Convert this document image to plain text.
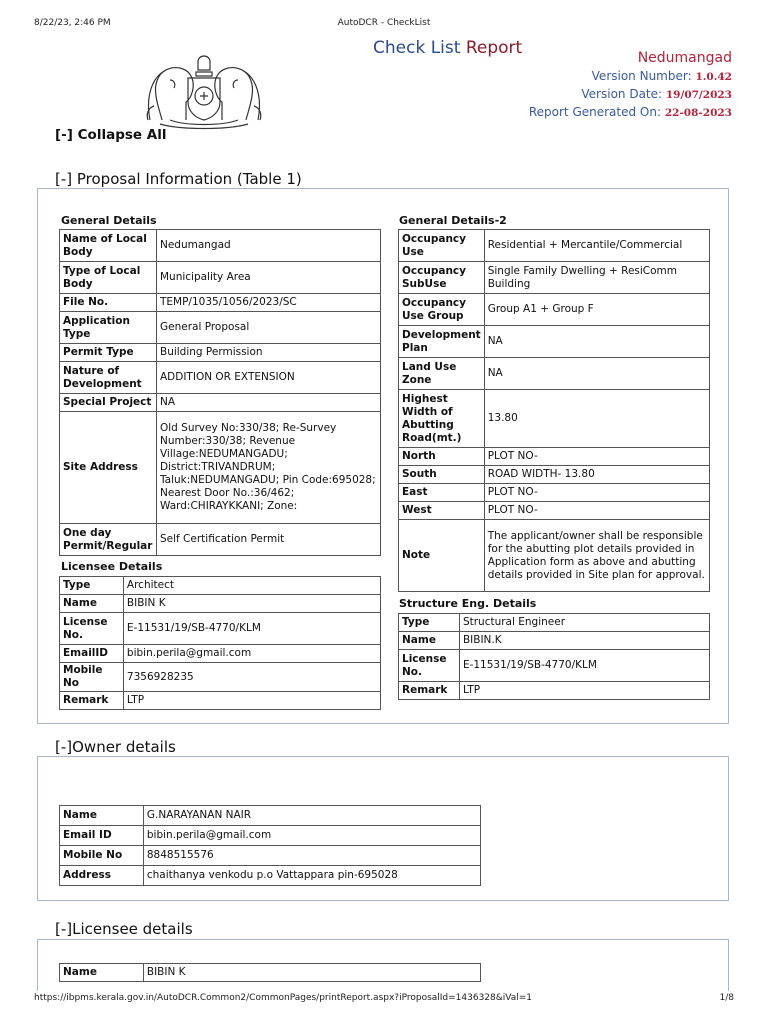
8/22/23, 2:46 PM	AutoDCR - CheckList
Check List Report	Nedumangad
Version Number: 1.0.42
Version Date: 19/07/2023
Report Generated On: 22-08-2023
[-] Collapse All
[-] Proposal Information (Table 1)
General Details
Name of Local Body	Nedumangad
Type of Local Body	Municipality Area
File No.	TEMP/1035/1056/2023/SC
Application Type	General Proposal
Permit Type	Building Permission
Nature of Development	ADDITION OR EXTENSION
Special Project	NA
Site Address	Old Survey No:330/38; Re-Survey Number:330/38; Revenue Village:NEDUMANGADU; District:TRIVANDRUM; Taluk:NEDUMANGADU; Pin Code:695028; Nearest Door No.:36/462; Ward:CHIRAYKKANI; Zone:
One day Permit/Regular	Self Certification Permit
Licensee Details
Type	Architect
Name	BIBIN K
License No.	E-11531/19/SB-4770/KLM
EmailID	bibin.perila@gmail.com
Mobile No	7356928235
Remark	LTP
General Details-2
Occupancy Use	Residential + Mercantile/Commercial
Occupancy SubUse	Single Family Dwelling + ResiComm Building
Occupancy Use Group	Group A1 + Group F
Development Plan	NA
Land Use Zone	NA
Highest Width of Abutting Road(mt.)	13.80
North	PLOT NO-
South	ROAD WIDTH- 13.80
East	PLOT NO-
West	PLOT NO-
Note	The applicant/owner shall be responsible for the abutting plot details provided in Application form as above and abutting details provided in Site plan for approval.
Structure Eng. Details
Type	Structural Engineer
Name	BIBIN.K
License No.	E-11531/19/SB-4770/KLM
Remark	LTP
[-]Owner details
Name	G.NARAYANAN NAIR
Email ID	bibin.perila@gmail.com
Mobile No	8848515576
Address	chaithanya venkodu p.o Vattappara pin-695028
[-]Licensee details
Name	BIBIN K
https://ibpms.kerala.gov.in/AutoDCR.Common2/CommonPages/printReport.aspx?iProposalId=1436328&iVal=1	1/8
